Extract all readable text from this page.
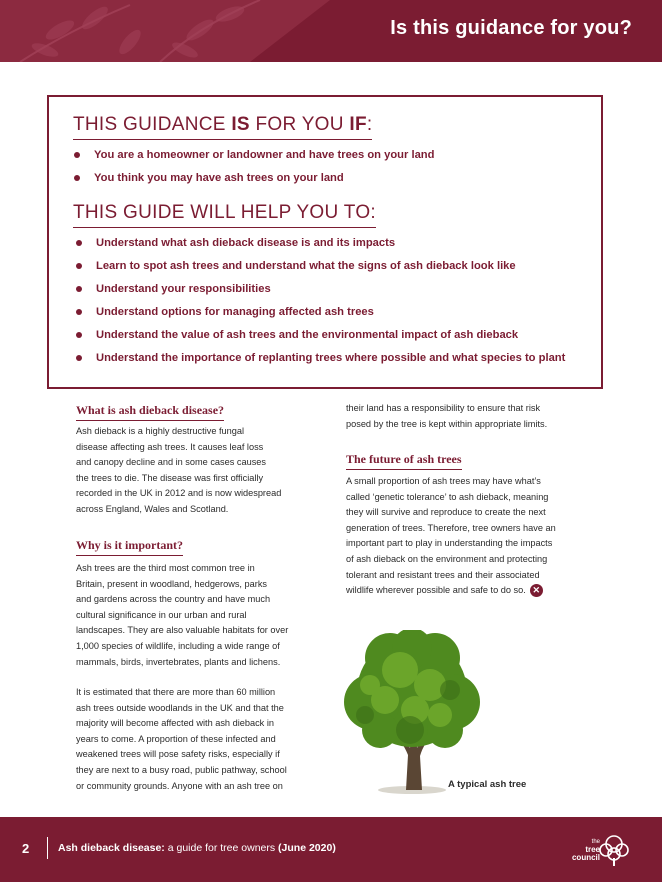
Is this guidance for you?
THIS GUIDANCE IS FOR YOU IF:
You are a homeowner or landowner and have trees on your land
You think you may have ash trees on your land
THIS GUIDE WILL HELP YOU TO:
Understand what ash dieback disease is and its impacts
Learn to spot ash trees and understand what the signs of ash dieback look like
Understand your responsibilities
Understand options for managing affected ash trees
Understand the value of ash trees and the environmental impact of ash dieback
Understand the importance of replanting trees where possible and what species to plant
What is ash dieback disease?

Ash dieback is a highly destructive fungal
disease affecting ash trees. It causes leaf loss
and canopy decline and in some cases causes
the trees to die. The disease was first officially
recorded in the UK in 2012 and is now widespread
across England, Wales and Scotland.

Why is it important?

Ash trees are the third most common tree in
Britain, present in woodland, hedgerows, parks
and gardens across the country and have much
cultural significance in our urban and rural
landscapes. They are also valuable habitats for over
1,000 species of wildlife, including a wide range of
mammals, birds, invertebrates, plants and lichens.

It is estimated that there are more than 60 million
ash trees outside woodlands in the UK and that the
majority will become affected with ash dieback in
years to come. A proportion of these infected and
weakened trees will pose safety risks, especially if
they are next to a busy road, public pathway, school
or community grounds. Anyone with an ash tree on

their land has a responsibility to ensure that risk
posed by the tree is kept within appropriate limits.

The future of ash trees

A small proportion of ash trees may have what’s
called ‘genetic tolerance’ to ash dieback, meaning
they will survive and reproduce to create the next
generation of trees. Therefore, tree owners have an
important part to play in understanding the impacts
of ash dieback on the environment and protecting
tolerant and resistant trees and their associated
wildlife wherever possible and safe to do so. ✕

A typical ash tree
2	Ash dieback disease: a guide for tree owners (June 2020)	the
tree
council
